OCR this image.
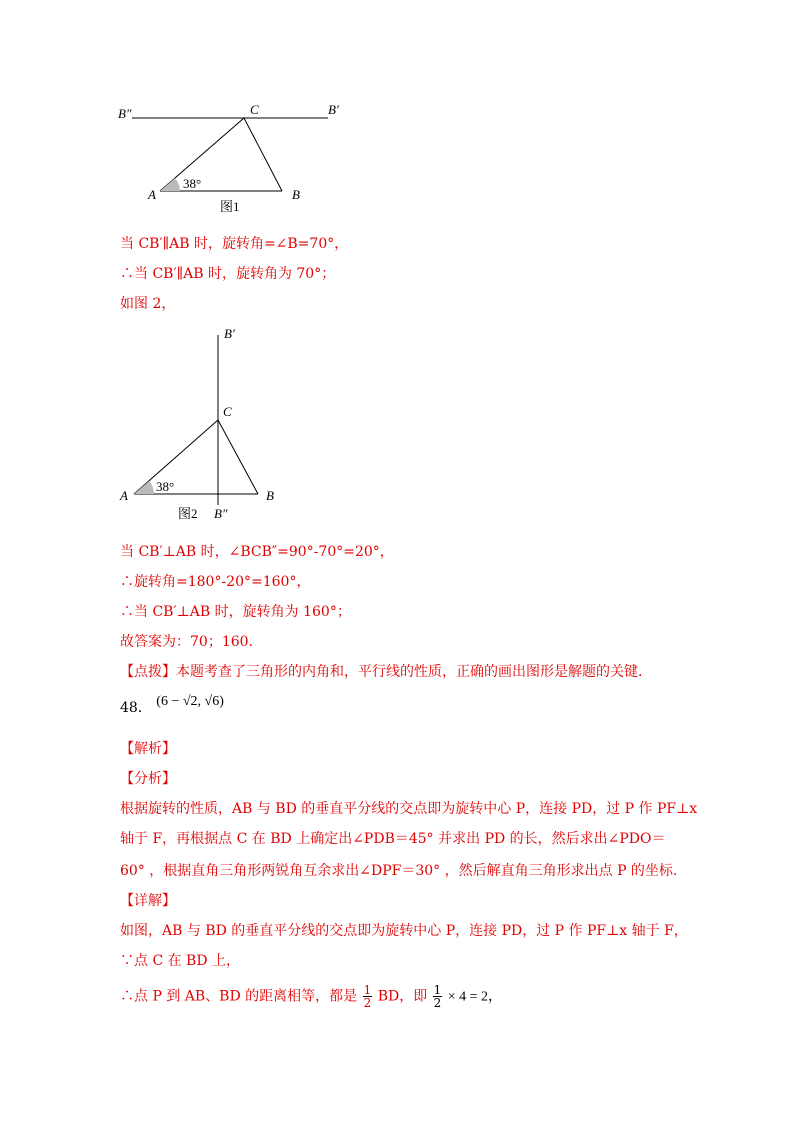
B″	C	B′
A	B
38°
图1
当 CB′∥AB 时，旋转角=∠B=70°，
∴当 CB′∥AB 时，旋转角为 70°；
如图 2，
B′
C
A
38°
B
图2 B″
当 CB′⊥AB 时，∠BCB″=90°-70°=20°，
∴旋转角=180°-20°=160°，
∴当 CB′⊥AB 时，旋转角为 160°；
故答案为：70；160.
【点拨】本题考查了三角形的内角和，平行线的性质，正确的画出图形是解题的关键.
48． (6 − √2, √6)
【解析】
【分析】
根据旋转的性质，AB 与 BD 的垂直平分线的交点即为旋转中心 P，连接 PD，过 P 作 PF⊥x
轴于 F，再根据点 C 在 BD 上确定出∠PDB＝45° 并求出 PD 的长，然后求出∠PDO＝
60° ，根据直角三角形两锐角互余求出∠DPF＝30° ，然后解直角三角形求出点 P 的坐标.
【详解】
如图，AB 与 BD 的垂直平分线的交点即为旋转中心 P，连接 PD，过 P 作 PF⊥x 轴于 F，
∵点 C 在 BD 上，
∴点 P 到 AB、BD 的距离相等，都是 $\frac{1}{2}$ BD，即 $\frac{1}{2} \times 4 = 2$，
